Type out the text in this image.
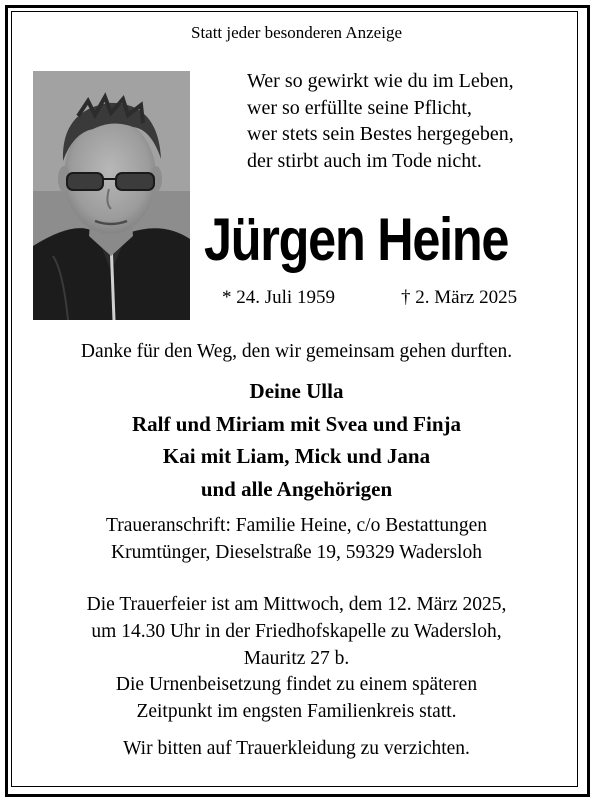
Statt jeder besonderen Anzeige
Wer so gewirkt wie du im Leben,
wer so erfüllte seine Pflicht,
wer stets sein Bestes hergegeben,
der stirbt auch im Tode nicht.
Jürgen Heine
* 24. Juli 1959	† 2. März 2025
Danke für den Weg, den wir gemeinsam gehen durften.
Deine Ulla
Ralf und Miriam mit Svea und Finja
Kai mit Liam, Mick und Jana
und alle Angehörigen
Traueranschrift: Familie Heine, c/o Bestattungen
Krumtünger, Dieselstraße 19, 59329 Wadersloh
Die Trauerfeier ist am Mittwoch, dem 12. März 2025,
um 14.30 Uhr in der Friedhofskapelle zu Wadersloh,
Mauritz 27 b.
Die Urnenbeisetzung findet zu einem späteren
Zeitpunkt im engsten Familienkreis statt.
Wir bitten auf Trauerkleidung zu verzichten.
